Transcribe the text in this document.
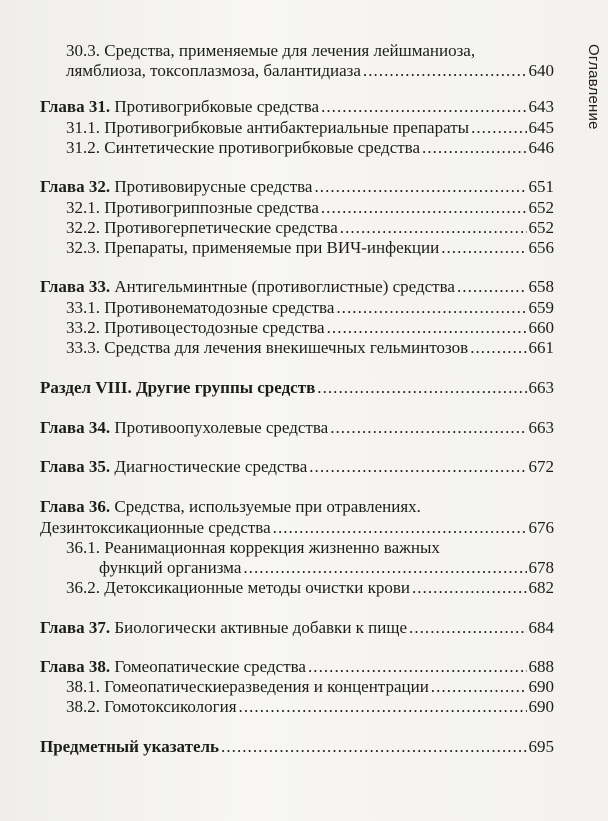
Оглавление
30.3. Средства, применяемые для лечения лейшманиоза,
лямблиоза, токсоплазмоза, балантидиаза . . .	640
Глава 31. Противогрибковые средства . . .	643
31.1. Противогрибковые антибактериальные препараты . . .	645
31.2. Синтетические противогрибковые средства . . .	646
Глава 32. Противовирусные средства . . .	651
32.1. Противогриппозные средства . . .	652
32.2. Противогерпетические средства . . .	652
32.3. Препараты, применяемые при ВИЧ-инфекции . . .	656
Глава 33. Антигельминтные (противоглистные) средства . . .	658
33.1. Противонематодозные средства . . .	659
33.2. Противоцестодозные средства . . .	660
33.3. Средства для лечения внекишечных гельминтозов . . .	661
Раздел VIII. Другие группы средств . . .	663
Глава 34. Противоопухолевые средства . . .	663
Глава 35. Диагностические средства . . .	672
Глава 36. Средства, используемые при отравлениях.
Дезинтоксикационные средства . . .	676
36.1. Реанимационная коррекция жизненно важных
функций организма . . .	678
36.2. Детоксикационные методы очистки крови . . .	682
Глава 37. Биологически активные добавки к пище . . .	684
Глава 38. Гомеопатические средства . . .	688
38.1. Гомеопатическиеразведения и концентрации . . .	690
38.2. Гомотоксикология . . .	690
Предметный указатель . . .	695
